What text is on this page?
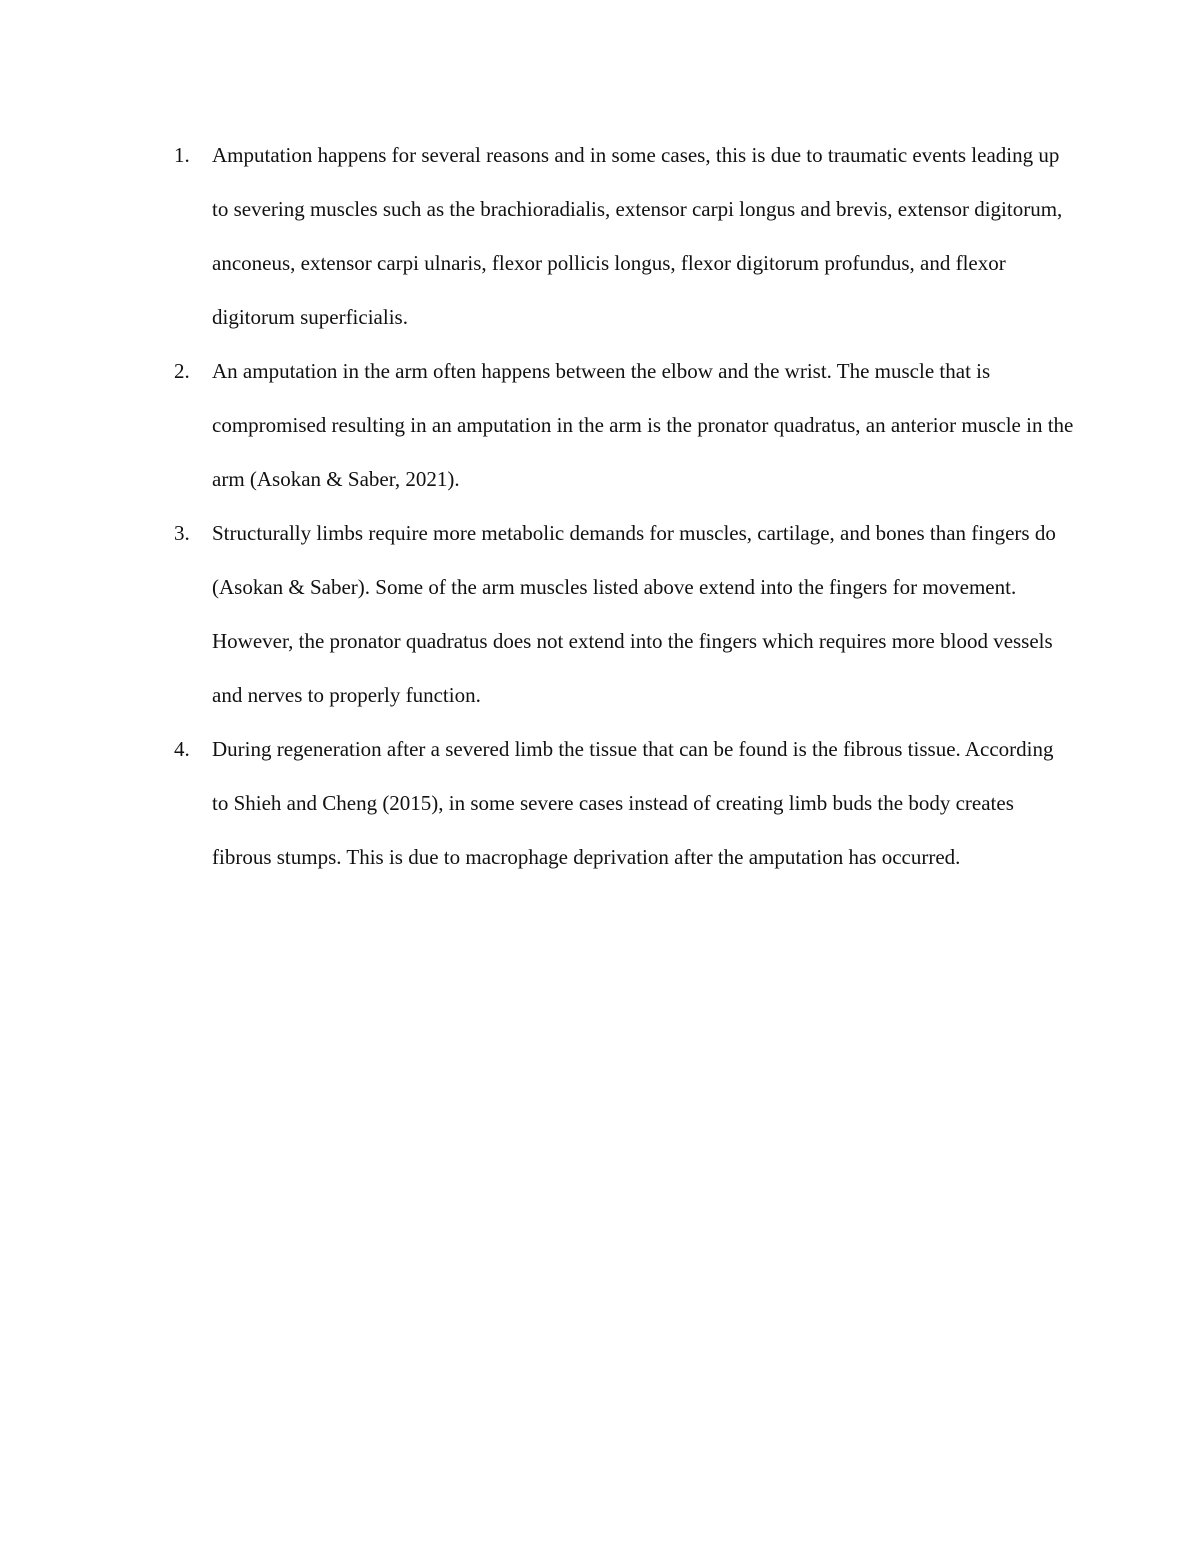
1.	Amputation happens for several reasons and in some cases, this is due to traumatic events leading up to severing muscles such as the brachioradialis, extensor carpi longus and brevis, extensor digitorum, anconeus, extensor carpi ulnaris, flexor pollicis longus, flexor digitorum profundus, and flexor digitorum superficialis.
2.	An amputation in the arm often happens between the elbow and the wrist. The muscle that is compromised resulting in an amputation in the arm is the pronator quadratus, an anterior muscle in the arm (Asokan & Saber, 2021).
3.	Structurally limbs require more metabolic demands for muscles, cartilage, and bones than fingers do (Asokan & Saber). Some of the arm muscles listed above extend into the fingers for movement. However, the pronator quadratus does not extend into the fingers which requires more blood vessels and nerves to properly function.
4.	During regeneration after a severed limb the tissue that can be found is the fibrous tissue. According to Shieh and Cheng (2015), in some severe cases instead of creating limb buds the body creates fibrous stumps. This is due to macrophage deprivation after the amputation has occurred.
